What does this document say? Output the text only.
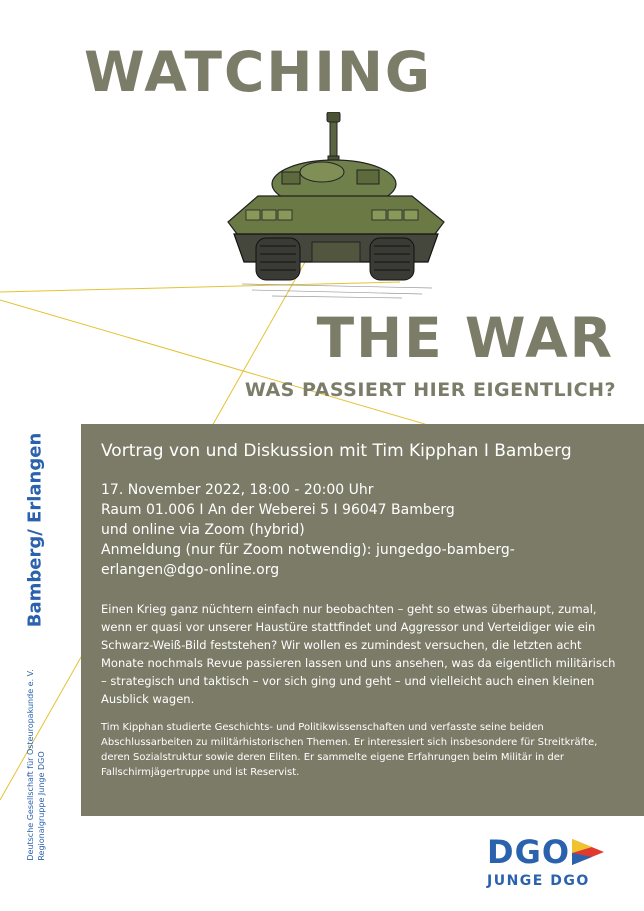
WATCHING
THE WAR
WAS PASSIERT HIER EIGENTLICH?
Bamberg/ Erlangen
Deutsche Gesellschaft für Osteuropakunde e. V. Regionalgruppe Junge DGO
Vortrag von und Diskussion mit Tim Kipphan I Bamberg
17. November 2022, 18:00 - 20:00 Uhr
Raum 01.006 I An der Weberei 5 I 96047 Bamberg
und online via Zoom (hybrid)
Anmeldung (nur für Zoom notwendig): jungedgo-bamberg-
erlangen@dgo-online.org

Einen Krieg ganz nüchtern einfach nur beobachten – geht so etwas überhaupt, zumal, wenn er quasi vor unserer Haustüre stattfindet und Aggressor und Verteidiger wie ein Schwarz-Weiß-Bild feststehen? Wir wollen es zumindest versuchen, die letzten acht Monate nochmals Revue passieren lassen und uns ansehen, was da eigentlich militärisch – strategisch und taktisch – vor sich ging und geht – und vielleicht auch einen kleinen Ausblick wagen.

Tim Kipphan studierte Geschichts- und Politikwissenschaften und verfasste seine beiden Abschlussarbeiten zu militärhistorischen Themen. Er interessiert sich insbesondere für Streitkräfte, deren Sozialstruktur sowie deren Eliten. Er sammelte eigene Erfahrungen beim Militär in der Fallschirmjägertruppe und ist Reservist.

DGO
JUNGE DGO
